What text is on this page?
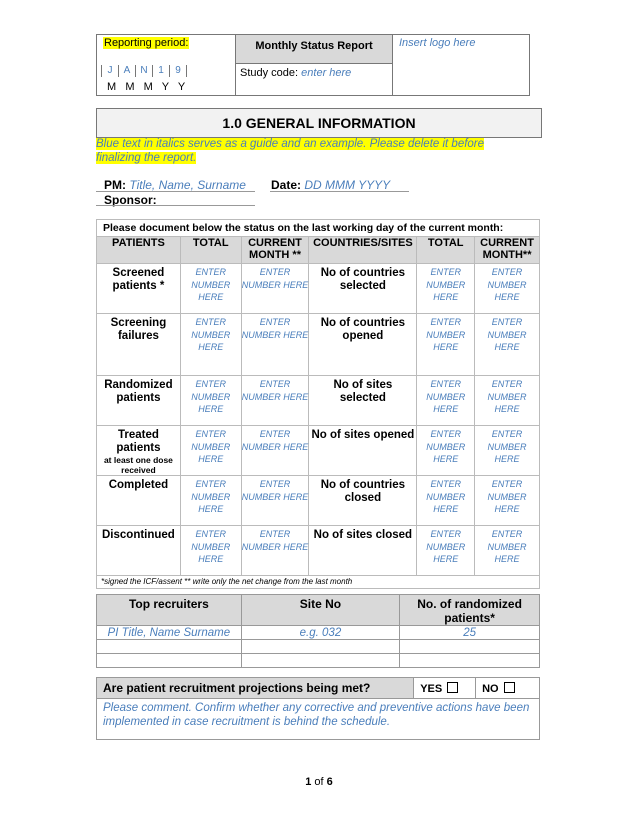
Reporting period:
J	A	N	1	9
M   M   M   Y   Y
Monthly Status Report
Study code: enter here
Insert logo here
1.0 GENERAL INFORMATION
Blue text in italics serves as a guide and an example. Please delete it before finalizing the report.
PM: Title, Name, Surname Date: DD MMM YYYY
Sponsor:
Please document below the status on the last working day of the current month:					
PATIENTS	TOTAL	CURRENT MONTH **	COUNTRIES/SITES	TOTAL	CURRENT MONTH**
Screened patients *	ENTER NUMBER HERE	ENTER NUMBER HERE	No of countries selected	ENTER NUMBER HERE	ENTER NUMBER HERE
Screening failures	ENTER NUMBER HERE	ENTER NUMBER HERE	No of countries opened	ENTER NUMBER HERE	ENTER NUMBER HERE
Randomized patients	ENTER NUMBER HERE	ENTER NUMBER HERE	No of sites selected	ENTER NUMBER HERE	ENTER NUMBER HERE
Treated patients
at least one dose received	ENTER NUMBER HERE	ENTER NUMBER HERE	No of sites opened	ENTER NUMBER HERE	ENTER NUMBER HERE
Completed	ENTER NUMBER HERE	ENTER NUMBER HERE	No of countries closed	ENTER NUMBER HERE	ENTER NUMBER HERE
Discontinued	ENTER NUMBER HERE	ENTER NUMBER HERE	No of sites closed	ENTER NUMBER HERE	ENTER NUMBER HERE
*signed the ICF/assent ** write only the net change from the last month					
Top recruiters	Site No	No. of randomized patients*
PI Title, Name Surname	e.g. 032	25

Are patient recruitment projections being met?	YES	NO
Please comment. Confirm whether any corrective and preventive actions have been implemented in case recruitment is behind the schedule.
1 of 6
